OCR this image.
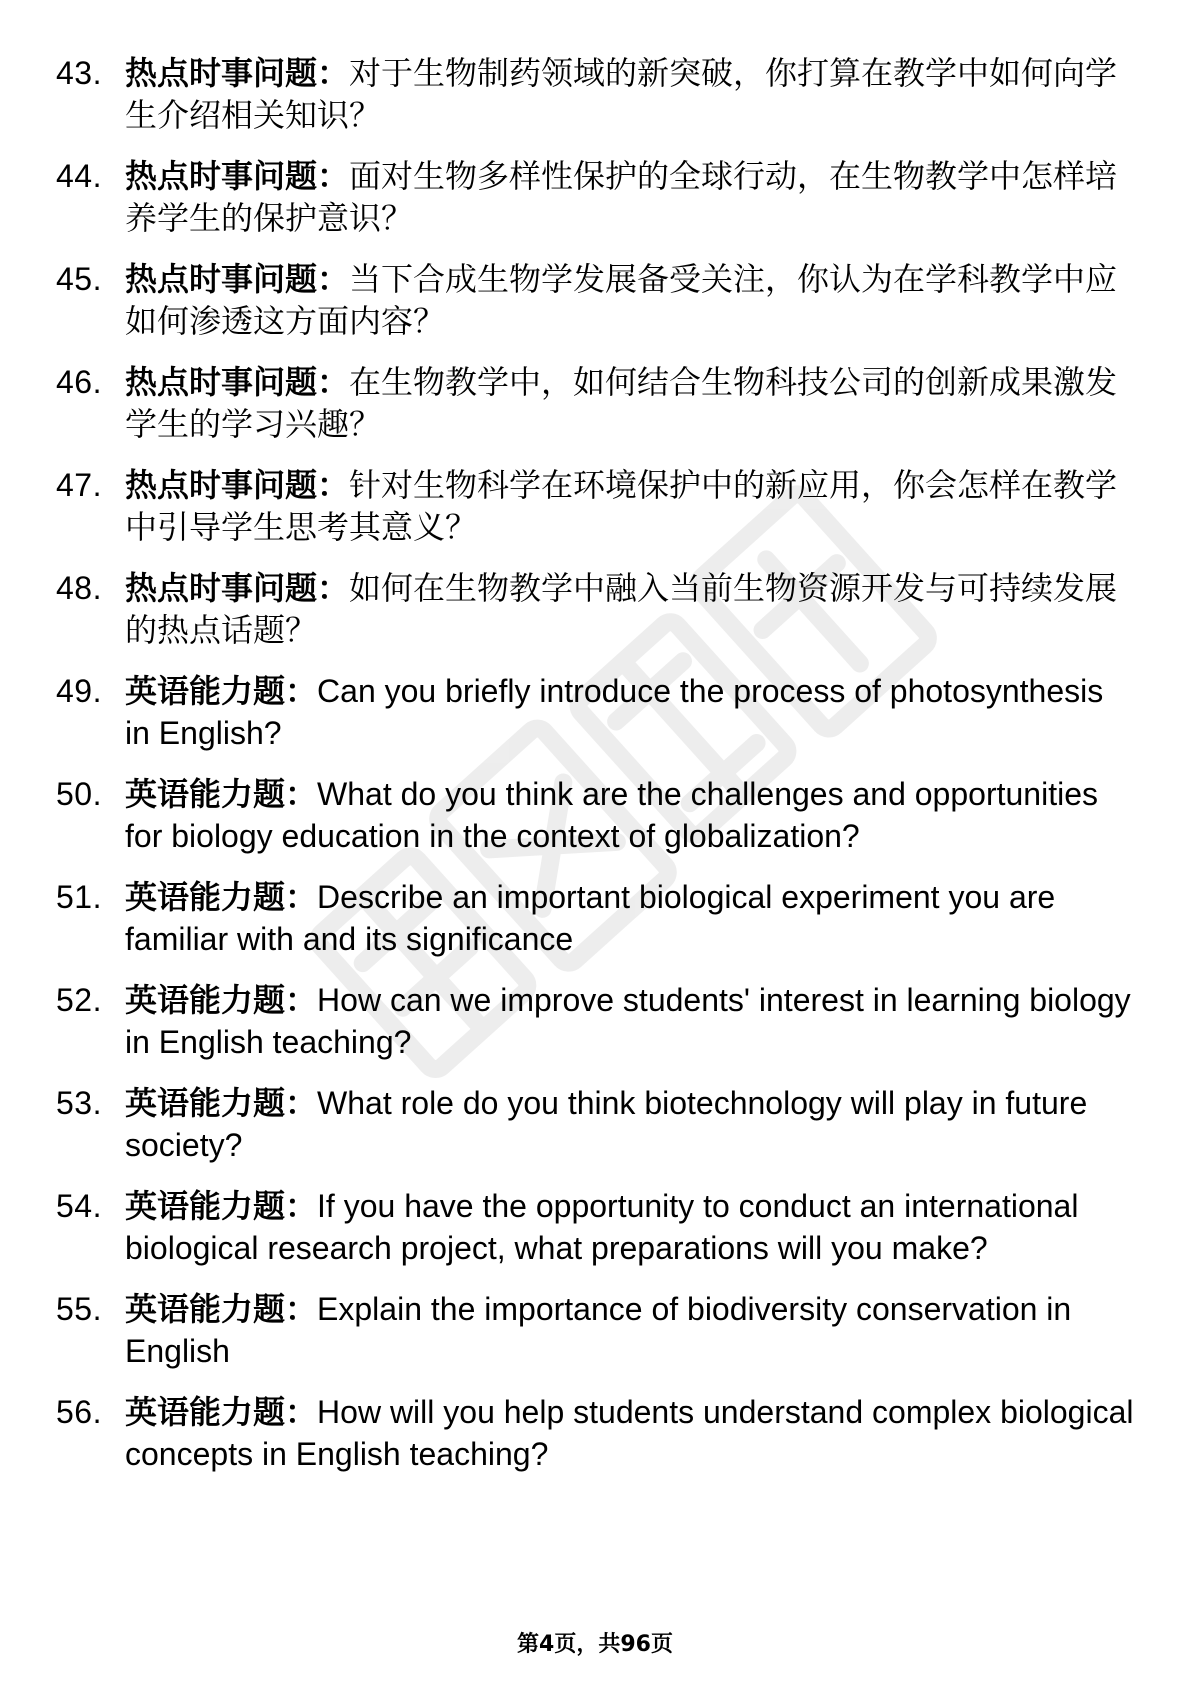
43. 热点时事问题：对于生物制药领域的新突破，你打算在教学中如何向学生介绍相关知识？
44. 热点时事问题：面对生物多样性保护的全球行动，在生物教学中怎样培养学生的保护意识？
45. 热点时事问题：当下合成生物学发展备受关注，你认为在学科教学中应如何渗透这方面内容？
46. 热点时事问题：在生物教学中，如何结合生物科技公司的创新成果激发学生的学习兴趣？
47. 热点时事问题：针对生物科学在环境保护中的新应用，你会怎样在教学中引导学生思考其意义？
48. 热点时事问题：如何在生物教学中融入当前生物资源开发与可持续发展的热点话题？
49. 英语能力题：Can you briefly introduce the process of photosynthesis in English?
50. 英语能力题：What do you think are the challenges and opportunities for biology education in the context of globalization?
51. 英语能力题：Describe an important biological experiment you are familiar with and its significance
52. 英语能力题：How can we improve students' interest in learning biology in English teaching?
53. 英语能力题：What role do you think biotechnology will play in future society?
54. 英语能力题：If you have the opportunity to conduct an international biological research project, what preparations will you make?
55. 英语能力题：Explain the importance of biodiversity conservation in English
56. 英语能力题：How will you help students understand complex biological concepts in English teaching?
第4页，共96页
